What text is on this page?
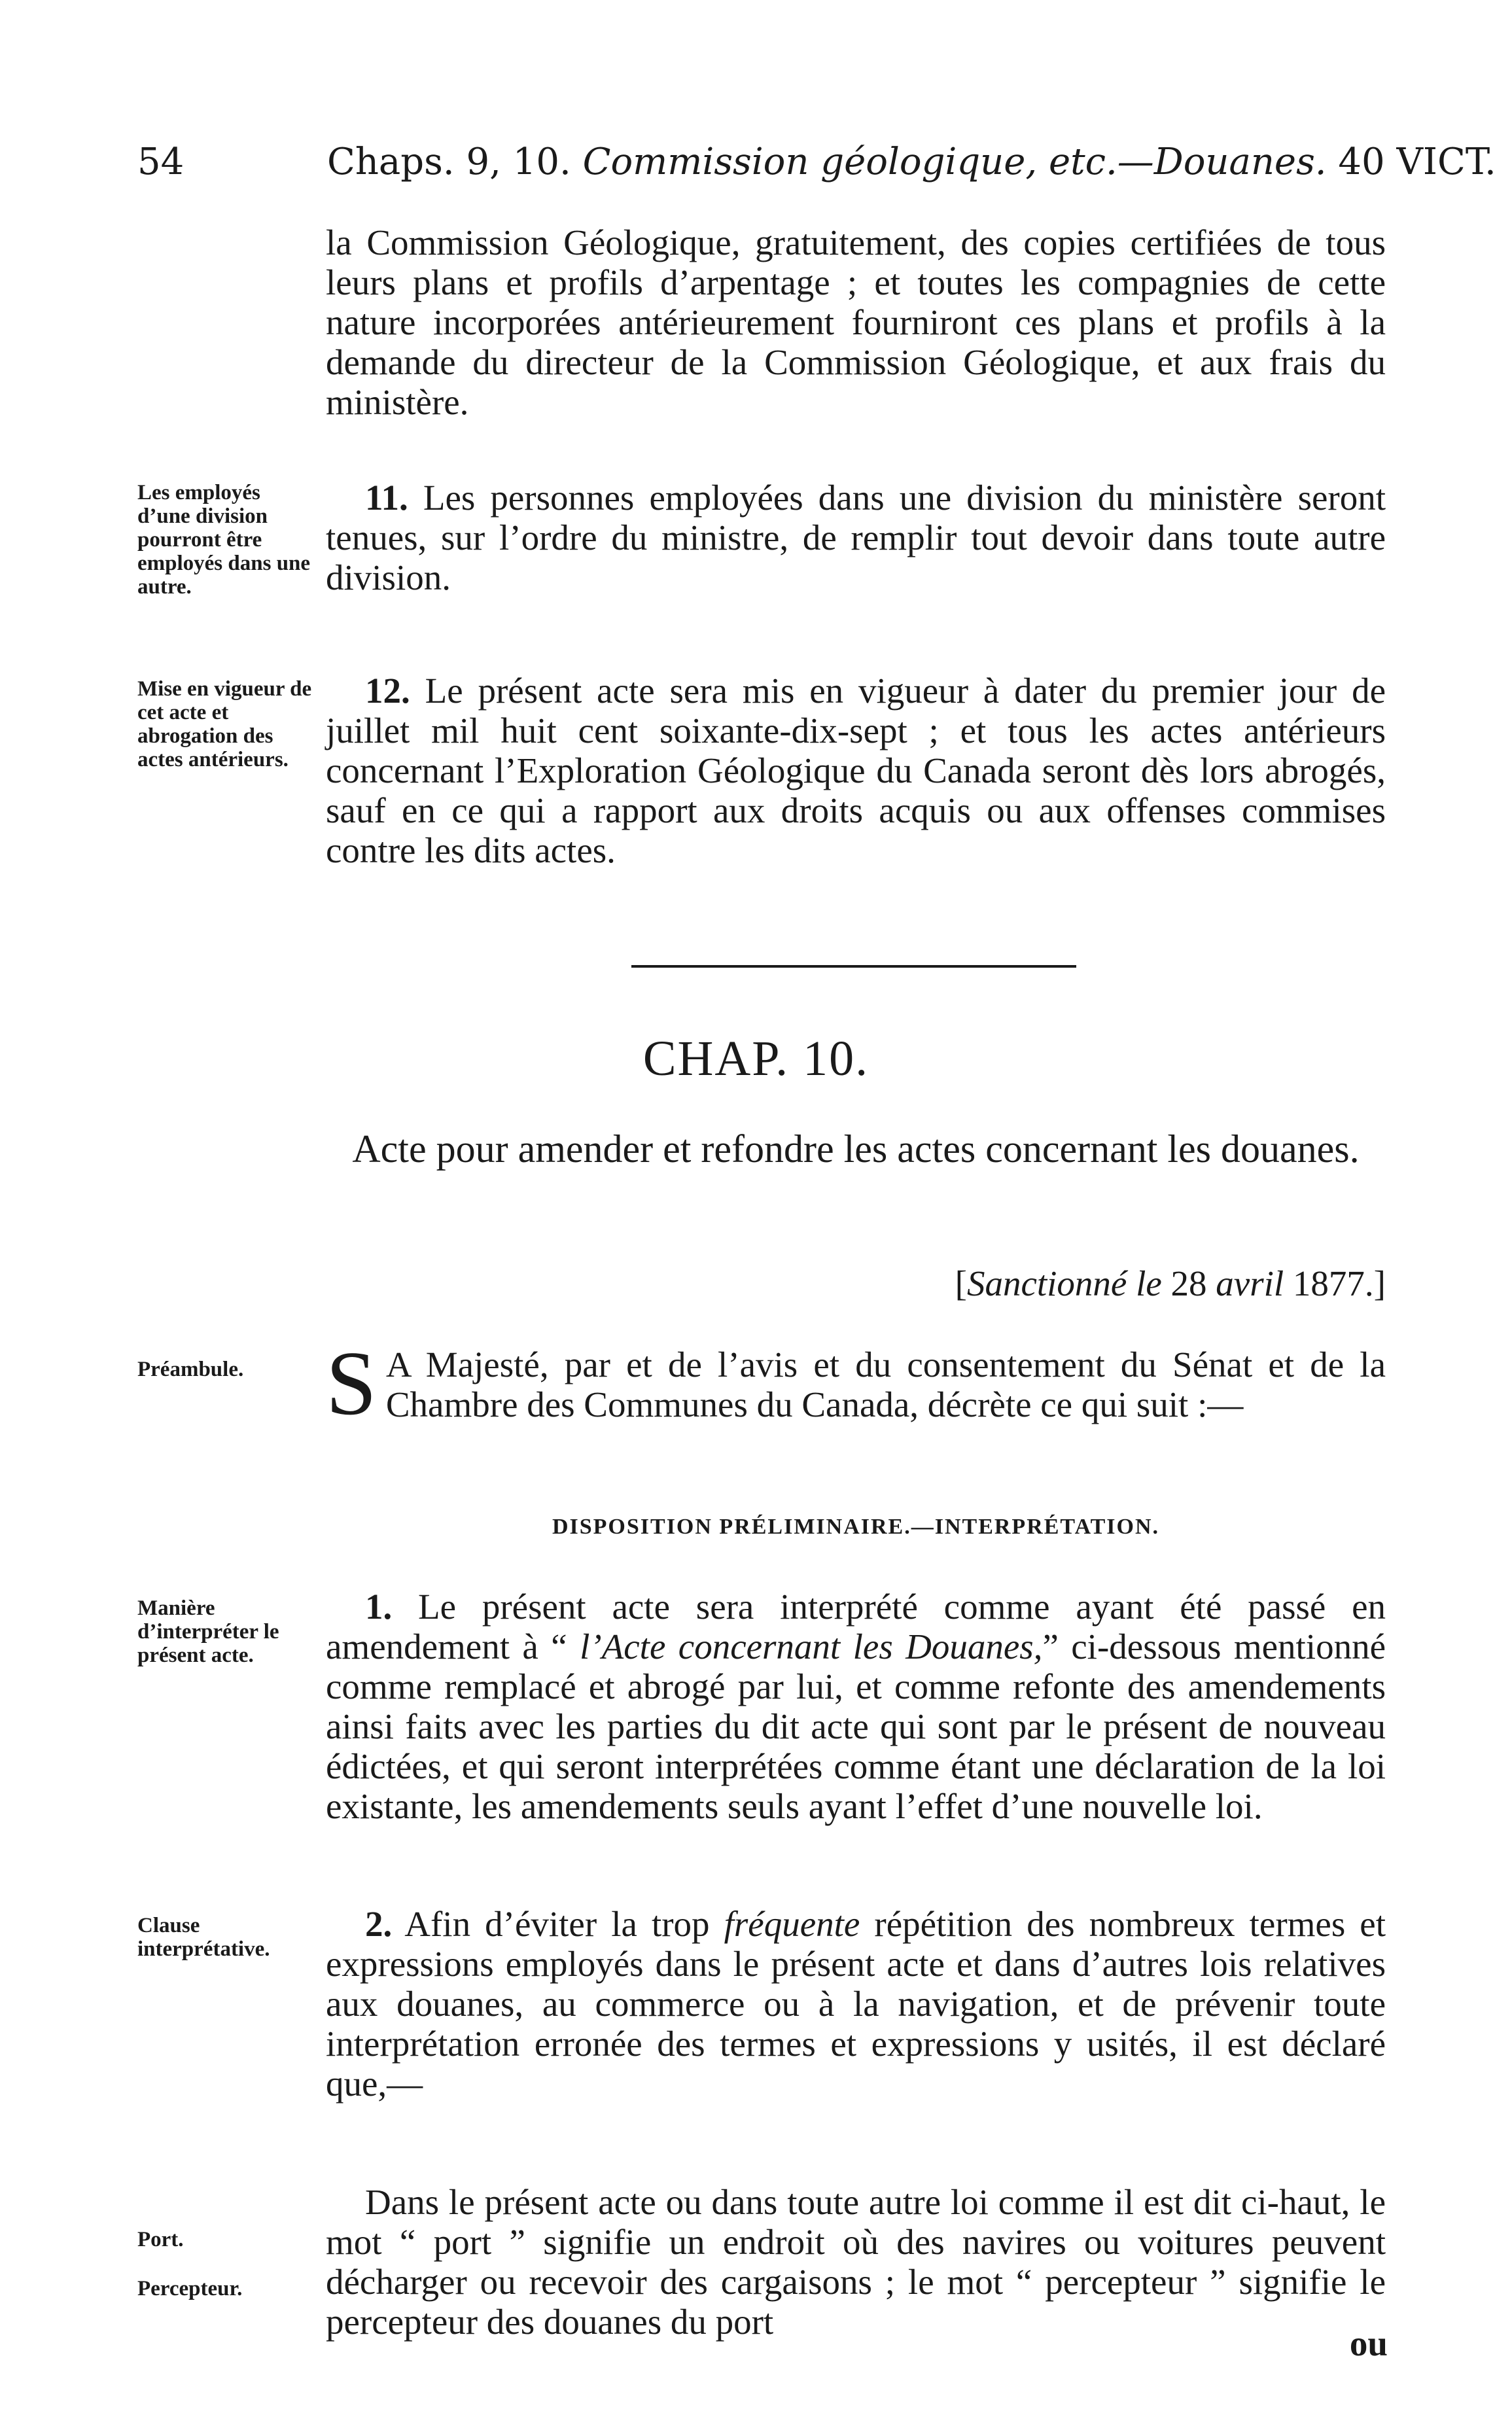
54	Chaps. 9, 10. Commission géologique, etc.—Douanes. 40 VICT.
la Commission Géologique, gratuitement, des copies certifiées de tous leurs plans et profils d’arpentage ; et toutes les compagnies de cette nature incorporées antérieurement fourniront ces plans et profils à la demande du directeur de la Commission Géologique, et aux frais du ministère.
Les employés d’une division pourront être employés dans une autre.
11. Les personnes employées dans une division du ministère seront tenues, sur l’ordre du ministre, de remplir tout devoir dans toute autre division.
Mise en vigueur de cet acte et abrogation des actes antérieurs.
12. Le présent acte sera mis en vigueur à dater du premier jour de juillet mil huit cent soixante-dix-sept ; et tous les actes antérieurs concernant l’Exploration Géologique du Canada seront dès lors abrogés, sauf en ce qui a rapport aux droits acquis ou aux offenses commises contre les dits actes.
CHAP. 10.
Acte pour amender et refondre les actes concernant les douanes.
[Sanctionné le 28 avril 1877.]
Préambule. S A Majesté, par et de l’avis et du consentement du Sénat et de la Chambre des Communes du Canada, décrète ce qui suit :—
DISPOSITION PRÉLIMINAIRE.—INTERPRÉTATION.
Manière d’interpréter le présent acte.
1. Le présent acte sera interprété comme ayant été passé en amendement à “ l’Acte concernant les Douanes,” ci-dessous mentionné comme remplacé et abrogé par lui, et comme refonte des amendements ainsi faits avec les parties du dit acte qui sont par le présent de nouveau édictées, et qui seront interprétées comme étant une déclaration de la loi existante, les amendements seuls ayant l’effet d’une nouvelle loi.
Clause interprétative.
2. Afin d’éviter la trop fréquente répétition des nombreux termes et expressions employés dans le présent acte et dans d’autres lois relatives aux douanes, au commerce ou à la navigation, et de prévenir toute interprétation erronée des termes et expressions y usités, il est déclaré que,—
Port.
Percepteur.
Dans le présent acte ou dans toute autre loi comme il est dit ci-haut, le mot “ port ” signifie un endroit où des navires ou voitures peuvent décharger ou recevoir des cargaisons ; le mot “ percepteur ” signifie le percepteur des douanes du port
ou
